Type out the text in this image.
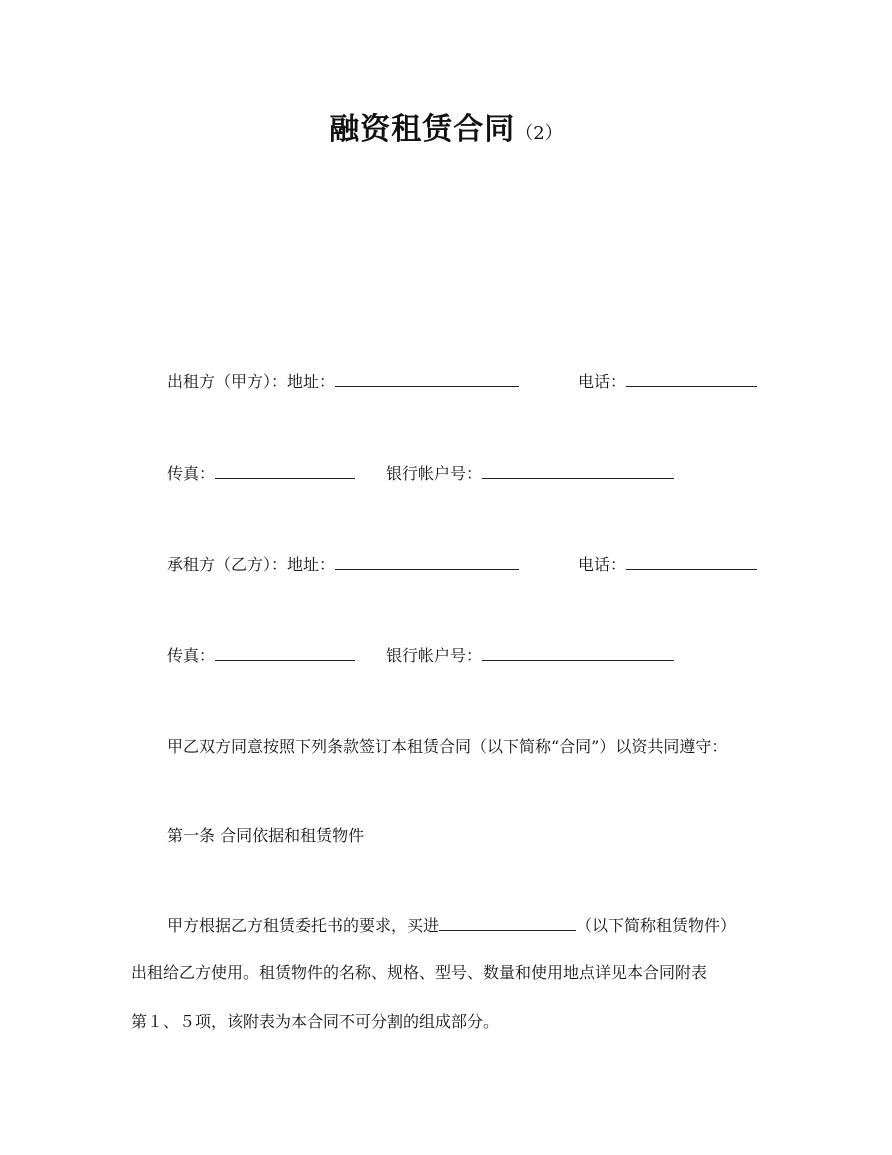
融资租赁合同（2）
出租方（甲方）：地址：	电话：
传真：	银行帐户号：
承租方（乙方）：地址：	电话：
传真：	银行帐户号：
甲乙双方同意按照下列条款签订本租赁合同（以下简称“合同”）以资共同遵守：
第一条 合同依据和租赁物件
甲方根据乙方租赁委托书的要求，买进	（以下简称租赁物件）
出租给乙方使用。租赁物件的名称、规格、型号、数量和使用地点详见本合同附表
第１、５项，该附表为本合同不可分割的组成部分。
